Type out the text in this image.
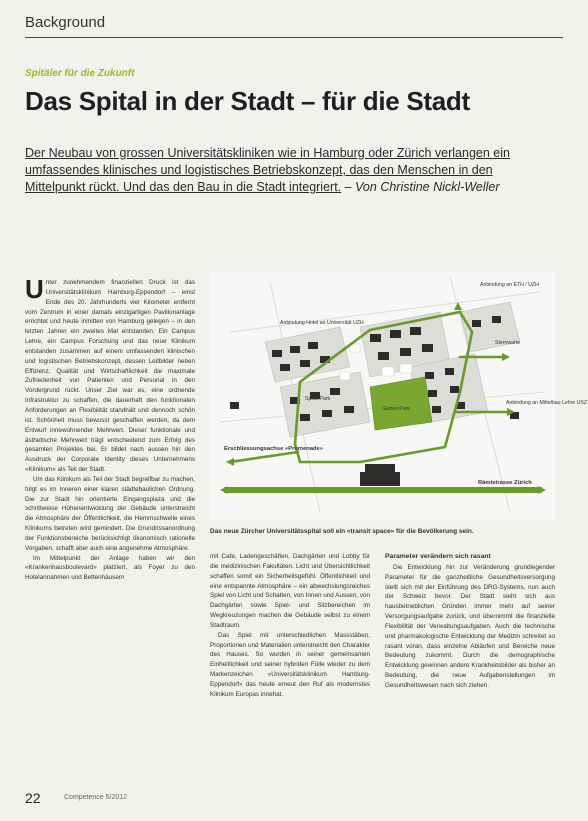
Background
Spitäler für die Zukunft
Das Spital in der Stadt – für die Stadt
Der Neubau von grossen Universitätskliniken wie in Hamburg oder Zürich verlangen ein umfassendes klinisches und logistisches Betriebskonzept, das den Menschen in den Mittelpunkt rückt. Und das den Bau in die Stadt integriert. – Von Christine Nickl-Weller

Unter zunehmendem finanziellen Druck ist das Universitätsklinikum Hamburg-Eppendorf – einst Ende des 20. Jahrhunderts vier Kilometer entfernt vom Zentrum in einer damals einzigartigen Pavillonanlage errichtet und heute inmitten von Hamburg gelegen – in den letzten Jahren ein zweites Mal entstanden. Ein Campus Lehre, ein Campus Forschung und das neue Klinikum entstanden zusammen auf einem umfassenden klinischen und logistischen Betriebskonzept, dessen Leitbilder neben Effizienz, Qualität und Wirtschaftlichkeit die maximale Zufriedenheit von Patienten und Personal in den Vordergrund rückt. Unser Ziel war es, eine ordnende Infrastruktur zu schaffen, die dauerhaft den funktionalen Anforderungen an Flexibilität standhält und dennoch schön ist. Schönheit muss bewusst geschaffen werden, da dem Entwurf innewohnender Mehrwert. Dieser funktionale und ästhetische Mehrwert trägt entscheidend zum Erfolg des gesamten Projektes bei. Er bildet nach aussen hin den Ausdruck der Corporate Identity dieses Unternehmens «Klinikum» als Teil der Stadt.

Um das Klinikum als Teil der Stadt begreifbar zu machen, folgt es im Inneren einer klaren städtebaulichen Ordnung. Die zur Stadt hin orientierte Eingangsplaza und die schrittweise Höhenentwicklung der Gebäude unterstreicht die Atmosphäre der Öffentlichkeit, die Hemmschwelle eines Klinikums betreten wird gemindert. Die Grundrissanordnung der Funktionsbereiche berücksichtigt ökonomisch rationelle Vorgaben, schafft aber auch eine angenehme Atmosphäre.

Im Mittelpunkt der Anlage haben wir den «Krankenhausboulevard» platziert, als Foyer zu den Hotelannahmen und Bettenhäusern

Anbindung an ETH / UZH
Anbindung Hotel an Universität UZH
Sternwarte
Anbindung an Mittelbau Lehre USZ
Spital Park
Garten Park
Erschliessungsachse «Promenade»
Rämistrasse Zürich
Das neue Zürcher Universitätsspital soll ein «transit space» für die Bevölkerung sein.

mit Cafe, Ladengeschäften, Dachgärten und Lobby für die medizinischen Fakultäten. Licht und Übersichtlichkeit schaffen somit ein Sicherheitsgefühl. Öffentlichkeit und eine entspannte Atmosphäre – ein abwechslungsreiches Spiel von Licht und Schatten, von Innen und Aussen, von Dachgärten sowie Spiel- und Sitzbereichen im Wegkreuzungen machen die Gebäude selbst zu einem Stadtraum.

Das Spiel mit unterschiedlichen Massstäben, Proportionen und Materialien unterstreicht den Charakter des Hauses. So wurden in seiner gemeinsamen Einheitlichkeit und seiner hybriden Fülle wieder zu dem Markenzeichen «Universitätsklinikum Hamburg-Eppendorf» das heute erneut den Ruf als modernstes Klinikum Europas innehat.

Parameter verändern sich rasant

Die Entwicklung hin zur Veränderung grundlegender Parameter für die ganzheitliche Gesundheitsversorgung stellt sich mit der Einführung des DRG-Systems, nun auch der Schweiz bevor. Der Stadt sieht sich aus hausbetrieblichen Gründen immer mehr auf seiner Versorgungsaufgabe zurück, und übernimmt die finanzielle Flexibilität der Verwaltungsaufgaben. Auch die technische und pharmakologische Entwicklung der Medizin schreitet so rasant voran, dass einzelne Abläufen und Bereiche neue Bedeutung zukommt. Durch die demographische Entwicklung gewinnen andere Krankheitsbilder als bisher an Bedeutung, die neue Aufgabenstellungen im Gesundheitswesen nach sich ziehen.

22	Competence 5/2012
